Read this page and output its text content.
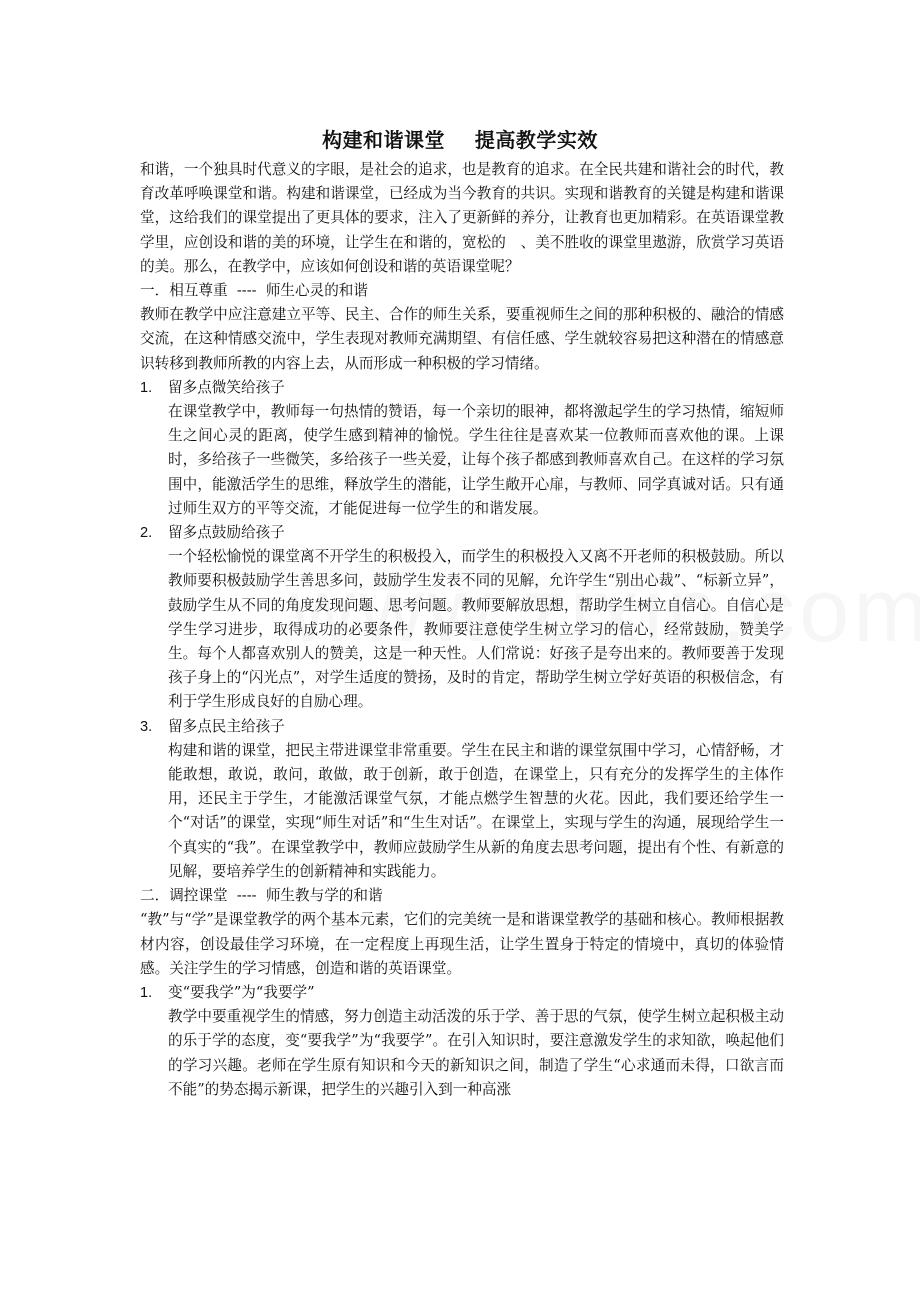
构建和谐课堂    提高教学实效

和谐，一个独具时代意义的字眼，是社会的追求，也是教育的追求。在全民共建和谐社会的时代，教育改革呼唤课堂和谐。构建和谐课堂，已经成为当今教育的共识。实现和谐教育的关键是构建和谐课堂，这给我们的课堂提出了更具体的要求，注入了更新鲜的养分，让教育也更加精彩。在英语课堂教学里，应创设和谐的美的环境，让学生在和谐的，宽松的　、美不胜收的课堂里遨游，欣赏学习英语的美。那么，在教学中，应该如何创设和谐的英语课堂呢？

一．相互尊重  ----  师生心灵的和谐

教师在教学中应注意建立平等、民主、合作的师生关系，要重视师生之间的那种积极的、融洽的情感交流，在这种情感交流中，学生表现对教师充满期望、有信任感、学生就较容易把这种潜在的情感意识转移到教师所教的内容上去，从而形成一种积极的学习情绪。

1. 留多点微笑给孩子
在课堂教学中，教师每一句热情的赞语，每一个亲切的眼神，都将激起学生的学习热情，缩短师生之间心灵的距离，使学生感到精神的愉悦。学生往往是喜欢某一位教师而喜欢他的课。上课时，多给孩子一些微笑，多给孩子一些关爱，让每个孩子都感到教师喜欢自己。在这样的学习氛围中，能激活学生的思维，释放学生的潜能，让学生敞开心扉，与教师、同学真诚对话。只有通过师生双方的平等交流，才能促进每一位学生的和谐发展。
2. 留多点鼓励给孩子
一个轻松愉悦的课堂离不开学生的积极投入，而学生的积极投入又离不开老师的积极鼓励。所以教师要积极鼓励学生善思多问，鼓励学生发表不同的见解，允许学生“别出心裁”、“标新立异”，鼓励学生从不同的角度发现问题、思考问题。教师要解放思想，帮助学生树立自信心。自信心是学生学习进步，取得成功的必要条件，教师要注意使学生树立学习的信心，经常鼓励，赞美学生。每个人都喜欢别人的赞美，这是一种天性。人们常说：好孩子是夸出来的。教师要善于发现孩子身上的“闪光点”，对学生适度的赞扬，及时的肯定，帮助学生树立学好英语的积极信念，有利于学生形成良好的自励心理。
3. 留多点民主给孩子
构建和谐的课堂，把民主带进课堂非常重要。学生在民主和谐的课堂氛围中学习，心情舒畅，才能敢想，敢说，敢问，敢做，敢于创新，敢于创造，在课堂上，只有充分的发挥学生的主体作用，还民主于学生，才能激活课堂气氛，才能点燃学生智慧的火花。因此，我们要还给学生一个“对话”的课堂，实现“师生对话”和“生生对话”。在课堂上，实现与学生的沟通，展现给学生一个真实的“我”。在课堂教学中，教师应鼓励学生从新的角度去思考问题，提出有个性、有新意的见解，要培养学生的创新精神和实践能力。

二．调控课堂  ----  师生教与学的和谐

“教”与“学”是课堂教学的两个基本元素，它们的完美统一是和谐课堂教学的基础和核心。教师根据教材内容，创设最佳学习环境，在一定程度上再现生活，让学生置身于特定的情境中，真切的体验情感。关注学生的学习情感，创造和谐的英语课堂。

1. 变“要我学”为“我要学”
教学中要重视学生的情感，努力创造主动活泼的乐于学、善于思的气氛，使学生树立起积极主动的乐于学的态度，变“要我学”为“我要学”。在引入知识时，要注意激发学生的求知欲，唤起他们的学习兴趣。老师在学生原有知识和今天的新知识之间，制造了学生“心求通而未得，口欲言而不能”的势态揭示新课，把学生的兴趣引入到一种高涨
